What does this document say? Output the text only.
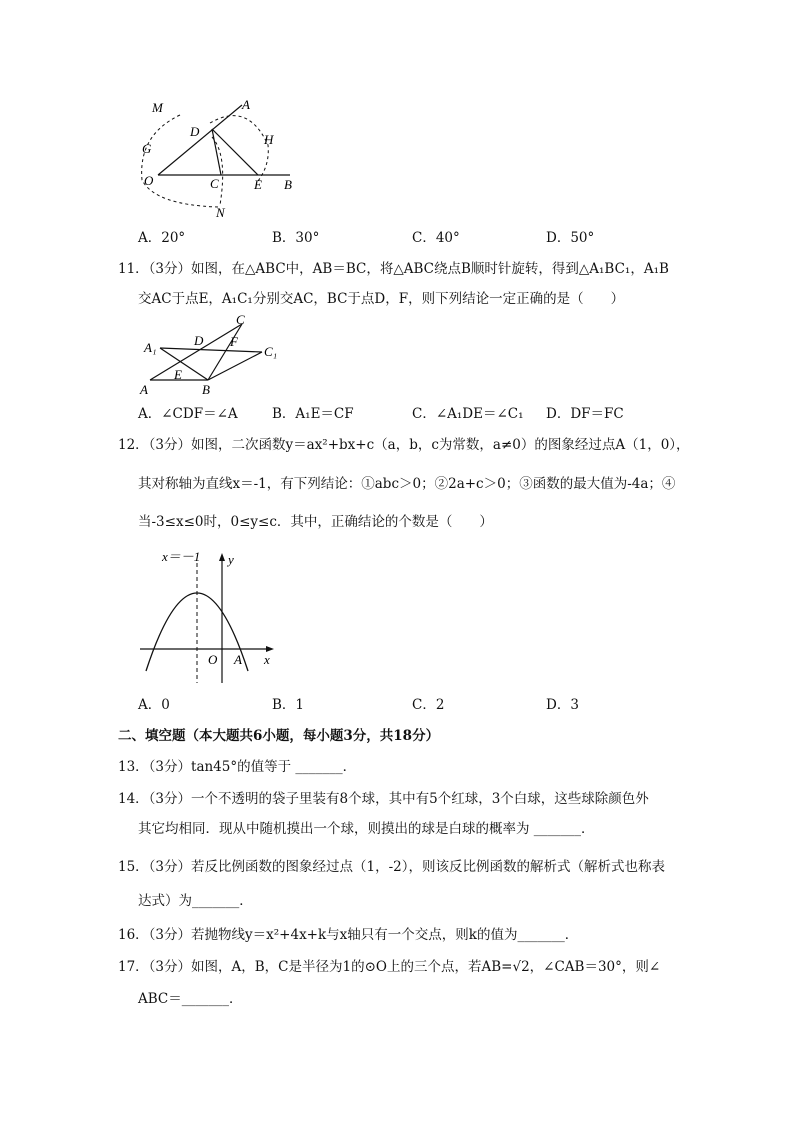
M	A
D
H
G
O	C	E B
N
A．20°	B．30°	C．40°	D．50°
11．（3分）如图，在△ABC中，AB＝BC，将△ABC绕点B顺时针旋转，得到△A₁BC₁，A₁B
交AC于点E，A₁C₁分别交AC，BC于点D，F，则下列结论一定正确的是（　　）
C
A₁	D F
C₁
A
E
B
A．∠CDF＝∠A	B．A₁E＝CF	C．∠A₁DE＝∠C₁ D．DF＝FC
12．（3分）如图，二次函数y＝ax²+bx+c（a，b，c为常数，a≠0）的图象经过点A（1，0），
其对称轴为直线x＝-1，有下列结论：①abc＞0；②2a+c＞0；③函数的最大值为-4a；④
当-3≤x≤0时，0≤y≤c．其中，正确结论的个数是（　　）
x＝－1 y
O A x
A．0	B．1	C．2	D．3
二、填空题（本大题共6小题，每小题3分，共18分）
13．（3分）tan45°的值等于 _______．
14．（3分）一个不透明的袋子里装有8个球，其中有5个红球，3个白球，这些球除颜色外
其它均相同．现从中随机摸出一个球，则摸出的球是白球的概率为 _______．
15．（3分）若反比例函数的图象经过点（1，-2），则该反比例函数的解析式（解析式也称表
达式）为_______．
16．（3分）若抛物线y＝x²+4x+k与x轴只有一个交点，则k的值为_______．
17．（3分）如图，A，B，C是半径为1的⊙O上的三个点，若AB=√2，∠CAB＝30°，则∠
ABC＝_______．
